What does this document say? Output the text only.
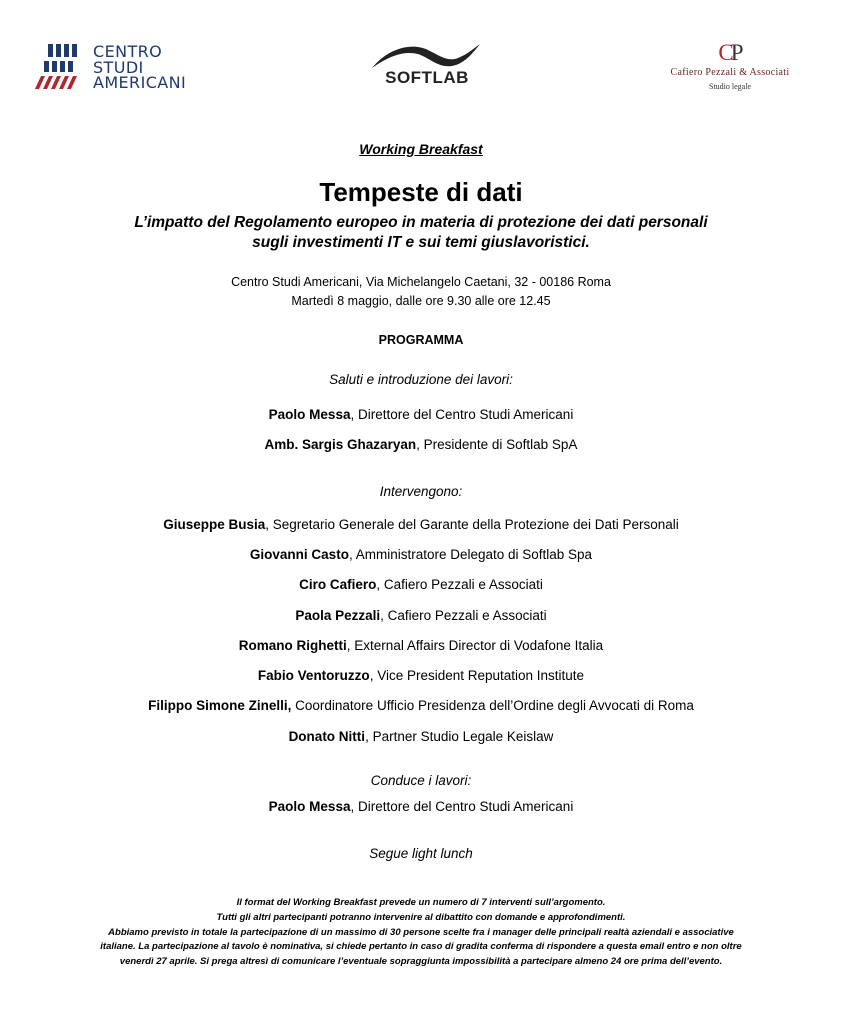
CENTRO
STUDI
AMERICANI	SOFTLAB
CP
Cafiero Pezzali & Associati
Studio legale
Working Breakfast
Tempeste di dati
L’impatto del Regolamento europeo in materia di protezione dei dati personali
sugli investimenti IT e sui temi giuslavoristici.
Centro Studi Americani, Via Michelangelo Caetani, 32 - 00186 Roma
Martedì 8 maggio, dalle ore 9.30 alle ore 12.45
PROGRAMMA
Saluti e introduzione dei lavori:
Paolo Messa, Direttore del Centro Studi Americani
Amb. Sargis Ghazaryan, Presidente di Softlab SpA
Intervengono:
Giuseppe Busia, Segretario Generale del Garante della Protezione dei Dati Personali
Giovanni Casto, Amministratore Delegato di Softlab Spa
Ciro Cafiero, Cafiero Pezzali e Associati
Paola Pezzali, Cafiero Pezzali e Associati
Romano Righetti, External Affairs Director di Vodafone Italia
Fabio Ventoruzzo, Vice President Reputation Institute
Filippo Simone Zinelli, Coordinatore Ufficio Presidenza dell’Ordine degli Avvocati di Roma
Donato Nitti, Partner Studio Legale Keislaw
Conduce i lavori:
Paolo Messa, Direttore del Centro Studi Americani
Segue light lunch
Il format del Working Breakfast prevede un numero di 7 interventi sull’argomento.
Tutti gli altri partecipanti potranno intervenire al dibattito con domande e approfondimenti.
Abbiamo previsto in totale la partecipazione di un massimo di 30 persone scelte fra i manager delle principali realtà aziendali e associative
italiane. La partecipazione al tavolo è nominativa, si chiede pertanto in caso di gradita conferma di rispondere a questa email entro e non oltre
venerdì 27 aprile. Si prega altresì di comunicare l’eventuale sopraggiunta impossibilità a partecipare almeno 24 ore prima dell’evento.
